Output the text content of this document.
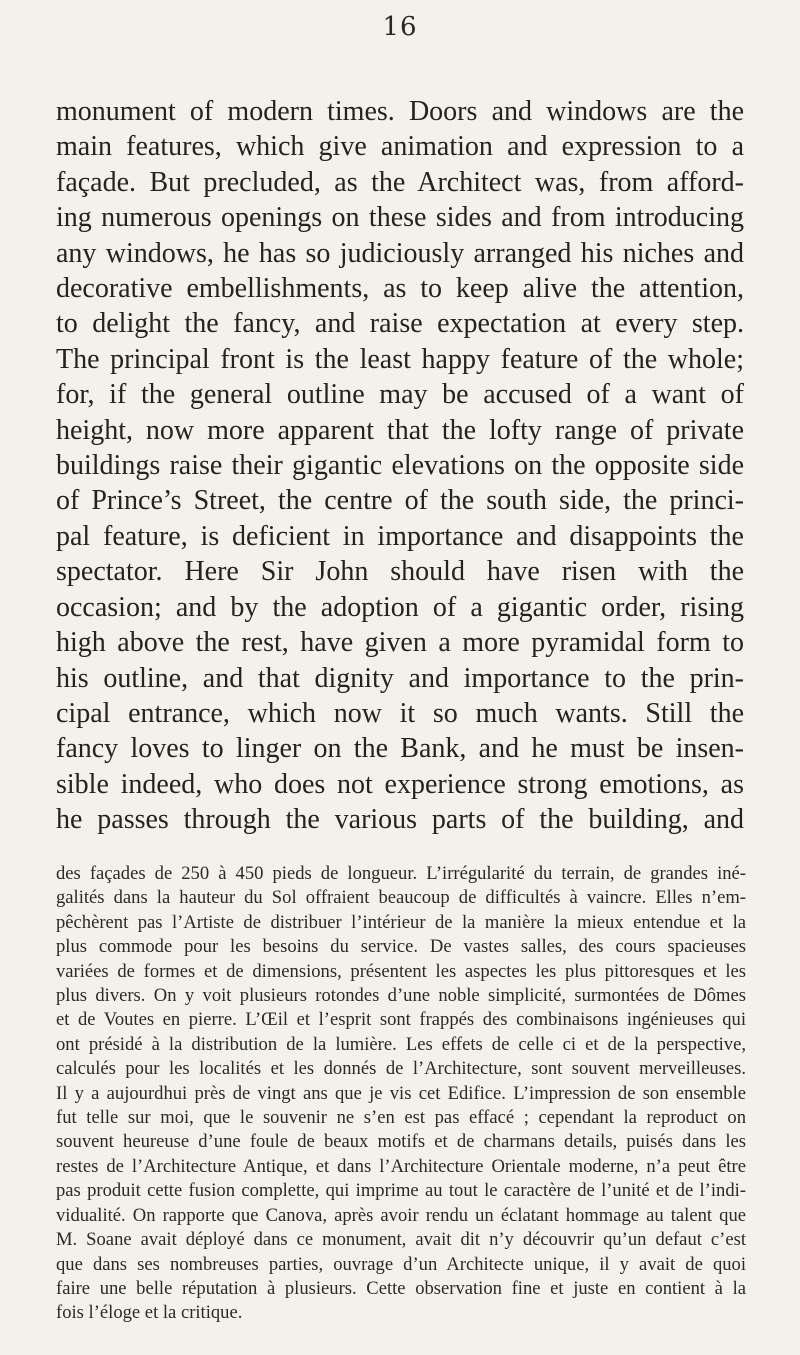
16

monument of modern times. Doors and windows are the
main features, which give animation and expression to a
façade. But precluded, as the Architect was, from afford-
ing numerous openings on these sides and from introducing
any windows, he has so judiciously arranged his niches and
decorative embellishments, as to keep alive the attention,
to delight the fancy, and raise expectation at every step.
The principal front is the least happy feature of the whole;
for, if the general outline may be accused of a want of
height, now more apparent that the lofty range of private
buildings raise their gigantic elevations on the opposite side
of Prince’s Street, the centre of the south side, the princi-
pal feature, is deficient in importance and disappoints the
spectator. Here Sir John should have risen with the
occasion; and by the adoption of a gigantic order, rising
high above the rest, have given a more pyramidal form to
his outline, and that dignity and importance to the prin-
cipal entrance, which now it so much wants. Still the
fancy loves to linger on the Bank, and he must be insen-
sible indeed, who does not experience strong emotions, as
he passes through the various parts of the building, and

des façades de 250 à 450 pieds de longueur. L’irrégularité du terrain, de grandes iné-
galités dans la hauteur du Sol offraient beaucoup de difficultés à vaincre. Elles n’em-
pêchèrent pas l’Artiste de distribuer l’intérieur de la manière la mieux entendue et la
plus commode pour les besoins du service. De vastes salles, des cours spacieuses
variées de formes et de dimensions, présentent les aspectes les plus pittoresques et les
plus divers. On y voit plusieurs rotondes d’une noble simplicité, surmontées de Dômes
et de Voutes en pierre. L’Œil et l’esprit sont frappés des combinaisons ingénieuses qui
ont présidé à la distribution de la lumière. Les effets de celle ci et de la perspective,
calculés pour les localités et les donnés de l’Architecture, sont souvent merveilleuses.
Il y a aujourdhui près de vingt ans que je vis cet Edifice. L’impression de son ensemble
fut telle sur moi, que le souvenir ne s’en est pas effacé ; cependant la reproduct on
souvent heureuse d’une foule de beaux motifs et de charmans details, puisés dans les
restes de l’Architecture Antique, et dans l’Architecture Orientale moderne, n’a peut être
pas produit cette fusion complette, qui imprime au tout le caractère de l’unité et de l’indi-
vidualité. On rapporte que Canova, après avoir rendu un éclatant hommage au talent que
M. Soane avait déployé dans ce monument, avait dit n’y découvrir qu’un defaut c’est
que dans ses nombreuses parties, ouvrage d’un Architecte unique, il y avait de quoi
faire une belle réputation à plusieurs. Cette observation fine et juste en contient à la
fois l’éloge et la critique.
